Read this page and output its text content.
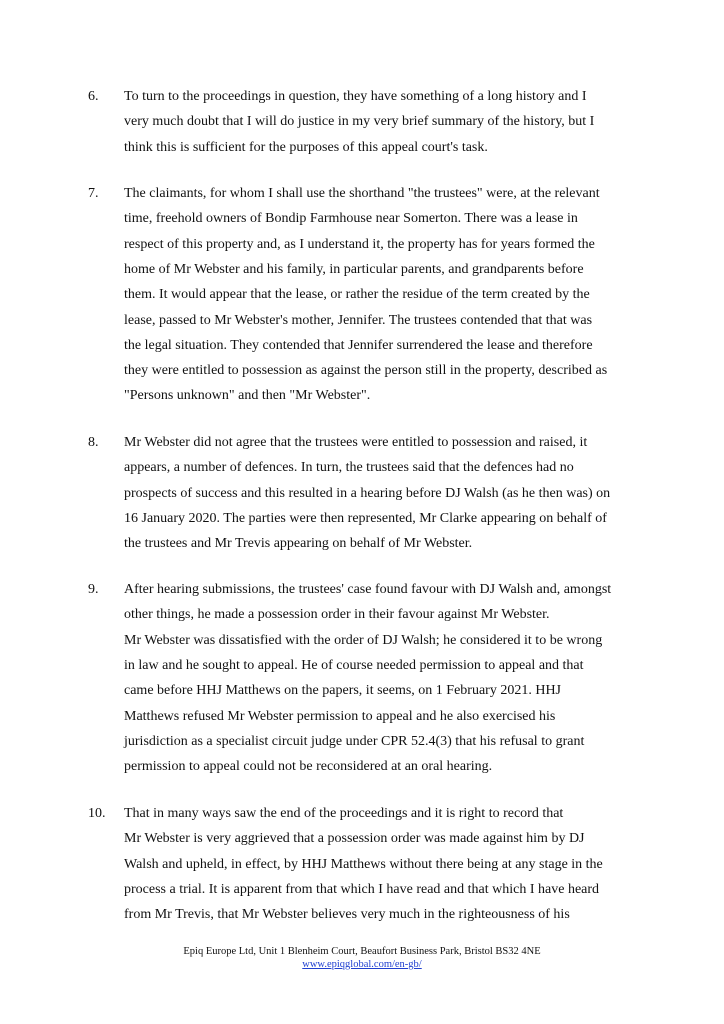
6. To turn to the proceedings in question, they have something of a long history and I
very much doubt that I will do justice in my very brief summary of the history, but I
think this is sufficient for the purposes of this appeal court's task.
7. The claimants, for whom I shall use the shorthand "the trustees" were, at the relevant
time, freehold owners of Bondip Farmhouse near Somerton. There was a lease in
respect of this property and, as I understand it, the property has for years formed the
home of Mr Webster and his family, in particular parents, and grandparents before
them. It would appear that the lease, or rather the residue of the term created by the
lease, passed to Mr Webster's mother, Jennifer. The trustees contended that that was
the legal situation. They contended that Jennifer surrendered the lease and therefore
they were entitled to possession as against the person still in the property, described as
"Persons unknown" and then "Mr Webster".
8. Mr Webster did not agree that the trustees were entitled to possession and raised, it
appears, a number of defences. In turn, the trustees said that the defences had no
prospects of success and this resulted in a hearing before DJ Walsh (as he then was) on
16 January 2020. The parties were then represented, Mr Clarke appearing on behalf of
the trustees and Mr Trevis appearing on behalf of Mr Webster.
9. After hearing submissions, the trustees' case found favour with DJ Walsh and, amongst
other things, he made a possession order in their favour against Mr Webster.
Mr Webster was dissatisfied with the order of DJ Walsh; he considered it to be wrong
in law and he sought to appeal. He of course needed permission to appeal and that
came before HHJ Matthews on the papers, it seems, on 1 February 2021. HHJ
Matthews refused Mr Webster permission to appeal and he also exercised his
jurisdiction as a specialist circuit judge under CPR 52.4(3) that his refusal to grant
permission to appeal could not be reconsidered at an oral hearing.
10. That in many ways saw the end of the proceedings and it is right to record that
Mr Webster is very aggrieved that a possession order was made against him by DJ
Walsh and upheld, in effect, by HHJ Matthews without there being at any stage in the
process a trial. It is apparent from that which I have read and that which I have heard
from Mr Trevis, that Mr Webster believes very much in the righteousness of his
Epiq Europe Ltd, Unit 1 Blenheim Court, Beaufort Business Park, Bristol BS32 4NE
www.epiqglobal.com/en-gb/
